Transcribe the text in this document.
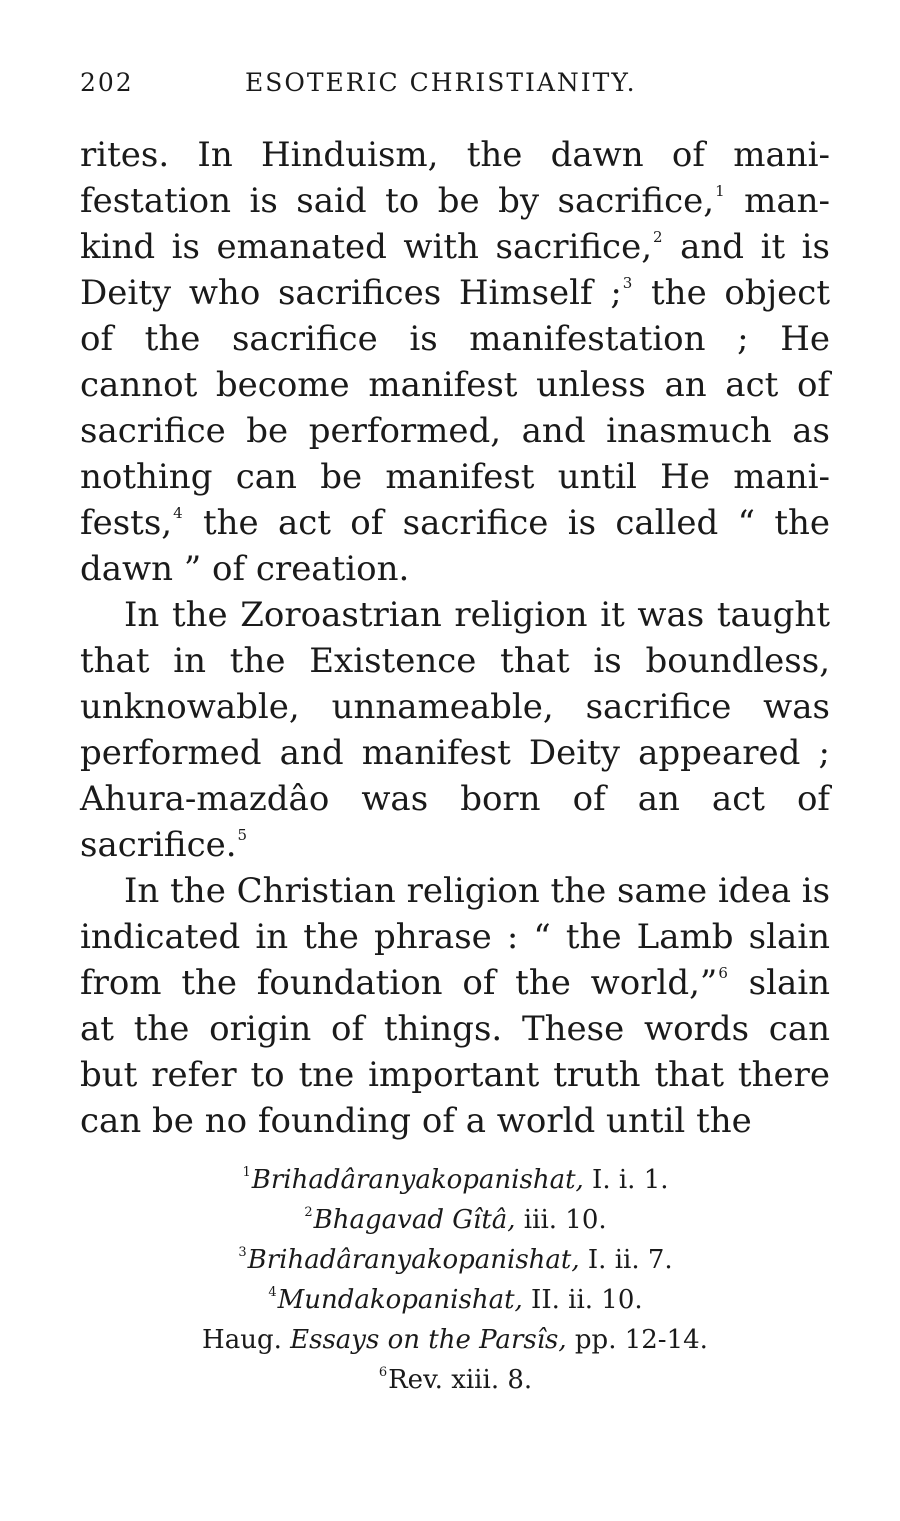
202	ESOTERIC CHRISTIANITY.
rites. In Hinduism, the dawn of mani-
festation is said to be by sacrifice,$^1$ man-
kind is emanated with sacrifice,$^2$ and it is
Deity who sacrifices Himself ;$^3$ the object
of the sacrifice is manifestation ; He
cannot become manifest unless an act of
sacrifice be performed, and inasmuch as
nothing can be manifest until He mani-
fests,$^4$ the act of sacrifice is called “ the
dawn ” of creation.
In the Zoroastrian religion it was taught
that in the Existence that is boundless,
unknowable, unnameable, sacrifice was
performed and manifest Deity appeared ;
Ahura-mazdâo was born of an act of
sacrifice.$^5$
In the Christian religion the same idea is
indicated in the phrase : “ the Lamb slain
from the foundation of the world,”$^6$ slain
at the origin of things. These words can
but refer to tne important truth that there
can be no founding of a world until the
$^1$Brihadâranyakopanishat, I. i. 1.
$^2$Bhagavad Gîtâ, iii. 10.
$^3$Brihadâranyakopanishat, I. ii. 7.
$^4$Mundakopanishat, II. ii. 10.
Haug. Essays on the Parsîs, pp. 12-14.
$^6$Rev. xiii. 8.
